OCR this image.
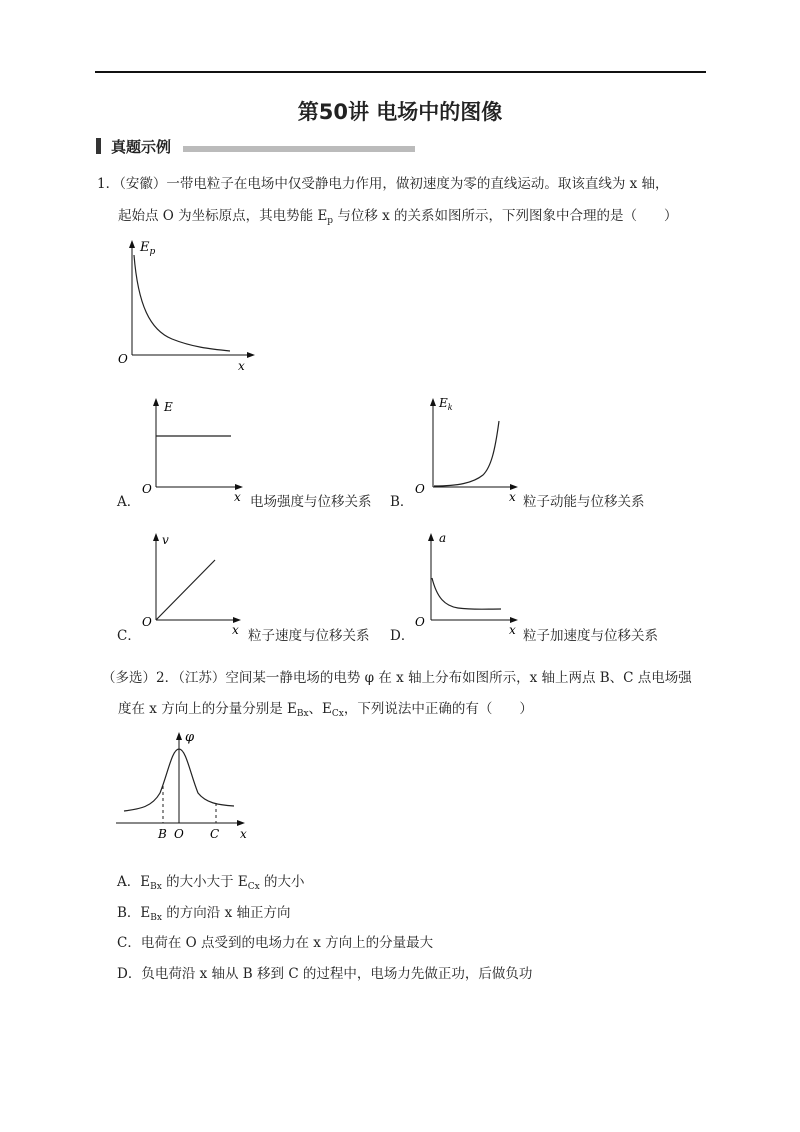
第50讲 电场中的图像
真题示例
1．（安徽）一带电粒子在电场中仅受静电力作用，做初速度为零的直线运动。取该直线为 x 轴，
起始点 O 为坐标原点，其电势能 $E_p$ 与位移 x 的关系如图所示，下列图象中合理的是（　　）
$E_p$
O	x
A．
E
O
x 电场强度与位移关系 B．
$E_k$
O
x 粒子动能与位移关系
C．
v
O
x 粒子速度与位移关系 D．
a
O
x 粒子加速度与位移关系
（多选）2．（江苏）空间某一静电场的电势 φ 在 x 轴上分布如图所示，x 轴上两点 B、C 点电场强
度在 x 方向上的分量分别是 $E_{Bx}$、$E_{Cx}$，下列说法中正确的有（　　）
φ
B O C x
A．$E_{Bx}$ 的大小大于 $E_{Cx}$ 的大小
B．$E_{Bx}$ 的方向沿 x 轴正方向
C．电荷在 O 点受到的电场力在 x 方向上的分量最大
D．负电荷沿 x 轴从 B 移到 C 的过程中，电场力先做正功，后做负功
